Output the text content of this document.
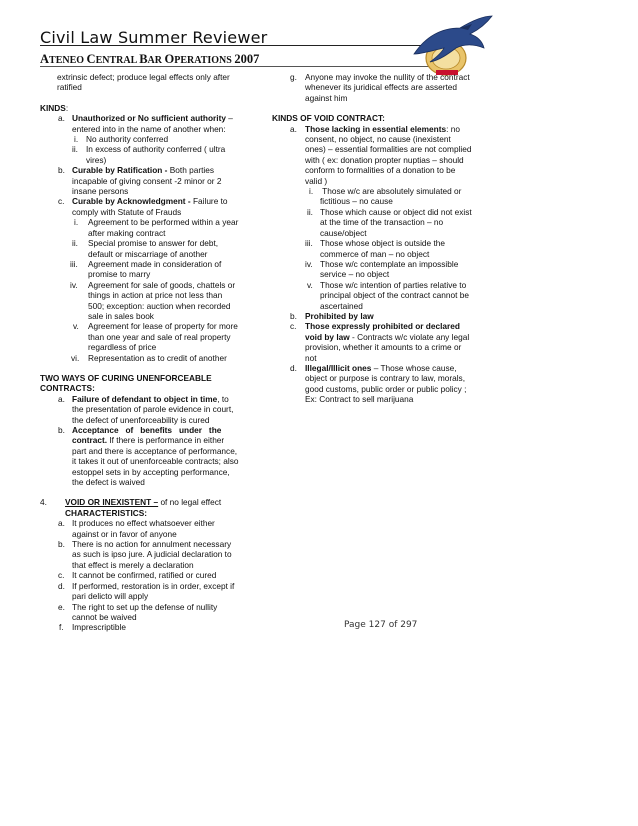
Civil Law Summer Reviewer
ATENEO CENTRAL BAR OPERATIONS 2007
extrinsic defect; produce legal effects only after
ratified
KINDS:
a. Unauthorized or No sufficient authority –
entered into in the name of another when:
i. No authority conferred
ii. In excess of authority conferred ( ultra
vires)
b. Curable by Ratification - Both parties
incapable of giving consent -2 minor or 2
insane persons
c. Curable by Acknowledgment - Failure to
comply with Statute of Frauds
i. Agreement to be performed within a year
after making contract
ii. Special promise to answer for debt,
default or miscarriage of another
iii. Agreement made in consideration of
promise to marry
iv. Agreement for sale of goods, chattels or
things in action at price not less than
500; exception: auction when recorded
sale in sales book
v. Agreement for lease of property for more
than one year and sale of real property
regardless of price
vi. Representation as to credit of another
TWO WAYS OF CURING UNENFORCEABLE
CONTRACTS:
a. Failure of defendant to object in time, to
the presentation of parole evidence in court,
the defect of unenforceability is cured
b. Acceptance   of   benefits   under   the
contract. If there is performance in either
part and there is acceptance of performance,
it takes it out of unenforceable contracts; also
estoppel sets in by accepting performance,
the defect is waived
4. VOID OR INEXISTENT – of no legal effect
CHARACTERISTICS:
a. It produces no effect whatsoever either
against or in favor of anyone
b. There is no action for annulment necessary
as such is ipso jure. A judicial declaration to
that effect is merely a declaration
c. It cannot be confirmed, ratified or cured
d. If performed, restoration is in order, except if
pari delicto will apply
e. The right to set up the defense of nullity
cannot be waived
f. Imprescriptible
g. Anyone may invoke the nullity of the contract
whenever its juridical effects are asserted
against him
KINDS OF VOID CONTRACT:
a. Those lacking in essential elements: no
consent, no object, no cause (inexistent
ones) – essential formalities are not complied
with ( ex: donation propter nuptias – should
conform to formalities of a donation to be
valid )
i. Those w/c are absolutely simulated or
fictitious – no cause
ii. Those which cause or object did not exist
at the time of the transaction – no
cause/object
iii. Those whose object is outside the
commerce of man – no object
iv. Those w/c contemplate an impossible
service – no object
v. Those w/c intention of parties relative to
principal object of the contract cannot be
ascertained
b. Prohibited by law
c. Those expressly prohibited or declared
void by law - Contracts w/c violate any legal
provision, whether it amounts to a crime or
not
d. Illegal/Illicit ones – Those whose cause,
object or purpose is contrary to law, morals,
good customs, public order or public policy ;
Ex: Contract to sell marijuana
Page 127 of 297
